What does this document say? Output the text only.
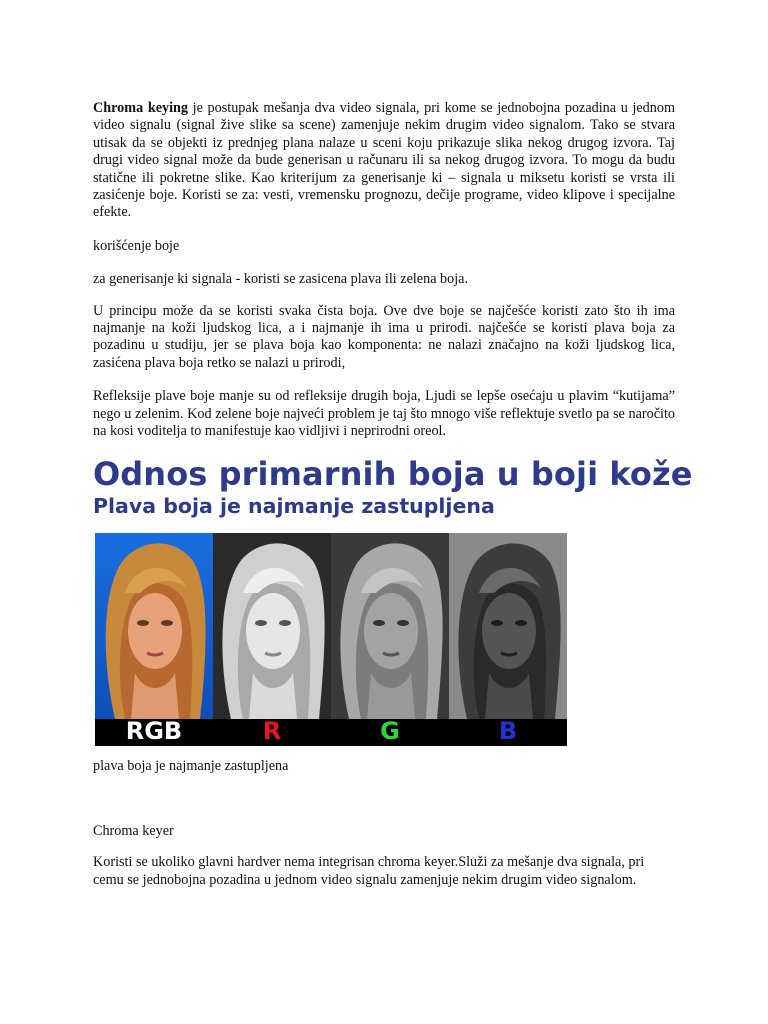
Chroma keying je postupak mešanja dva video signala, pri kome se jednobojna pozadina u jednom video signalu (signal žive slike sa scene) zamenjuje nekim drugim video signalom. Tako se stvara utisak da se objekti iz prednjeg plana nalaze u sceni koju prikazuje slika nekog drugog izvora. Taj drugi video signal može da bude generisan u računaru ili sa nekog drugog izvora. To mogu da budu statične ili pokretne slike. Kao kriterijum za generisanje ki – signala u miksetu koristi se vrsta ili zasićenje boje. Koristi se za: vesti, vremensku prognozu, dečije programe, video klipove i specijalne efekte.

korišćenje boje

za generisanje ki signala - koristi se zasicena plava ili zelena boja.

U principu može da se koristi svaka čista boja. Ove dve boje se najčešće koristi zato što ih ima najmanje na koži ljudskog lica, a i najmanje ih ima u prirodi. najčešće se koristi plava boja za pozadinu u studiju, jer se plava boja kao komponenta: ne nalazi značajno na koži ljudskog lica, zasićena plava boja retko se nalazi u prirodi,

Refleksije plave boje manje su od refleksije drugih boja, Ljudi se lepše osećaju u plavim “kutijama” nego u zelenim. Kod zelene boje najveći problem je taj što mnogo više reflektuje svetlo pa se naročito na kosi voditelja to manifestuje kao vidljivi i neprirodni oreol.

Odnos primarnih boja u boji kože
Plava boja je najmanje zastupljena
RGB	R	G	B

plava boja je najmanje zastupljena

Chroma keyer

Koristi se ukoliko glavni hardver nema integrisan chroma keyer.Služi za mešanje dva signala, pri cemu se jednobojna pozadina u jednom video signalu zamenjuje nekim drugim video signalom.
